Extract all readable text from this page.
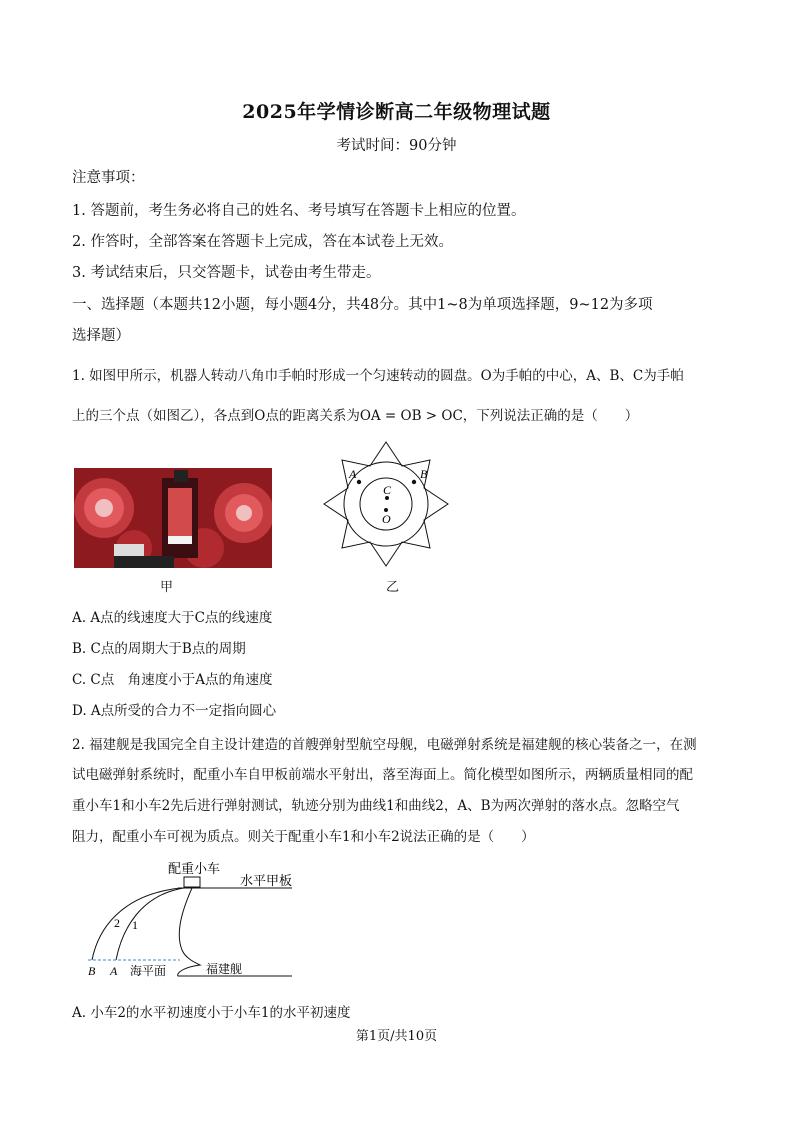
2025年学情诊断高二年级物理试题
考试时间：90分钟
注意事项：
1. 答题前，考生务必将自己的姓名、考号填写在答题卡上相应的位置。
2. 作答时，全部答案在答题卡上完成，答在本试卷上无效。
3. 考试结束后，只交答题卡，试卷由考生带走。
一、选择题（本题共12小题，每小题4分，共48分。其中1~8为单项选择题，9~12为多项
选择题）
1. 如图甲所示，机器人转动八角巾手帕时形成一个匀速转动的圆盘。O为手帕的中心，A、B、C为手帕
上的三个点（如图乙），各点到O点的距离关系为OA = OB > OC，下列说法正确的是（　　）
甲
A	B
C
O
乙
A. A点的线速度大于C点的线速度
B. C点的周期大于B点的周期
C. C点　角速度小于A点的角速度
D. A点所受的合力不一定指向圆心
2. 福建舰是我国完全自主设计建造的首艘弹射型航空母舰，电磁弹射系统是福建舰的核心装备之一，在测
试电磁弹射系统时，配重小车自甲板前端水平射出，落至海面上。简化模型如图所示，两辆质量相同的配
重小车1和小车2先后进行弹射测试，轨迹分别为曲线1和曲线2，A、B为两次弹射的落水点。忽略空气
阻力，配重小车可视为质点。则关于配重小车1和小车2说法正确的是（　　）
配重小车
水平甲板
2 1
B A 海平面	福建舰
A. 小车2的水平初速度小于小车1的水平初速度
第1页/共10页
